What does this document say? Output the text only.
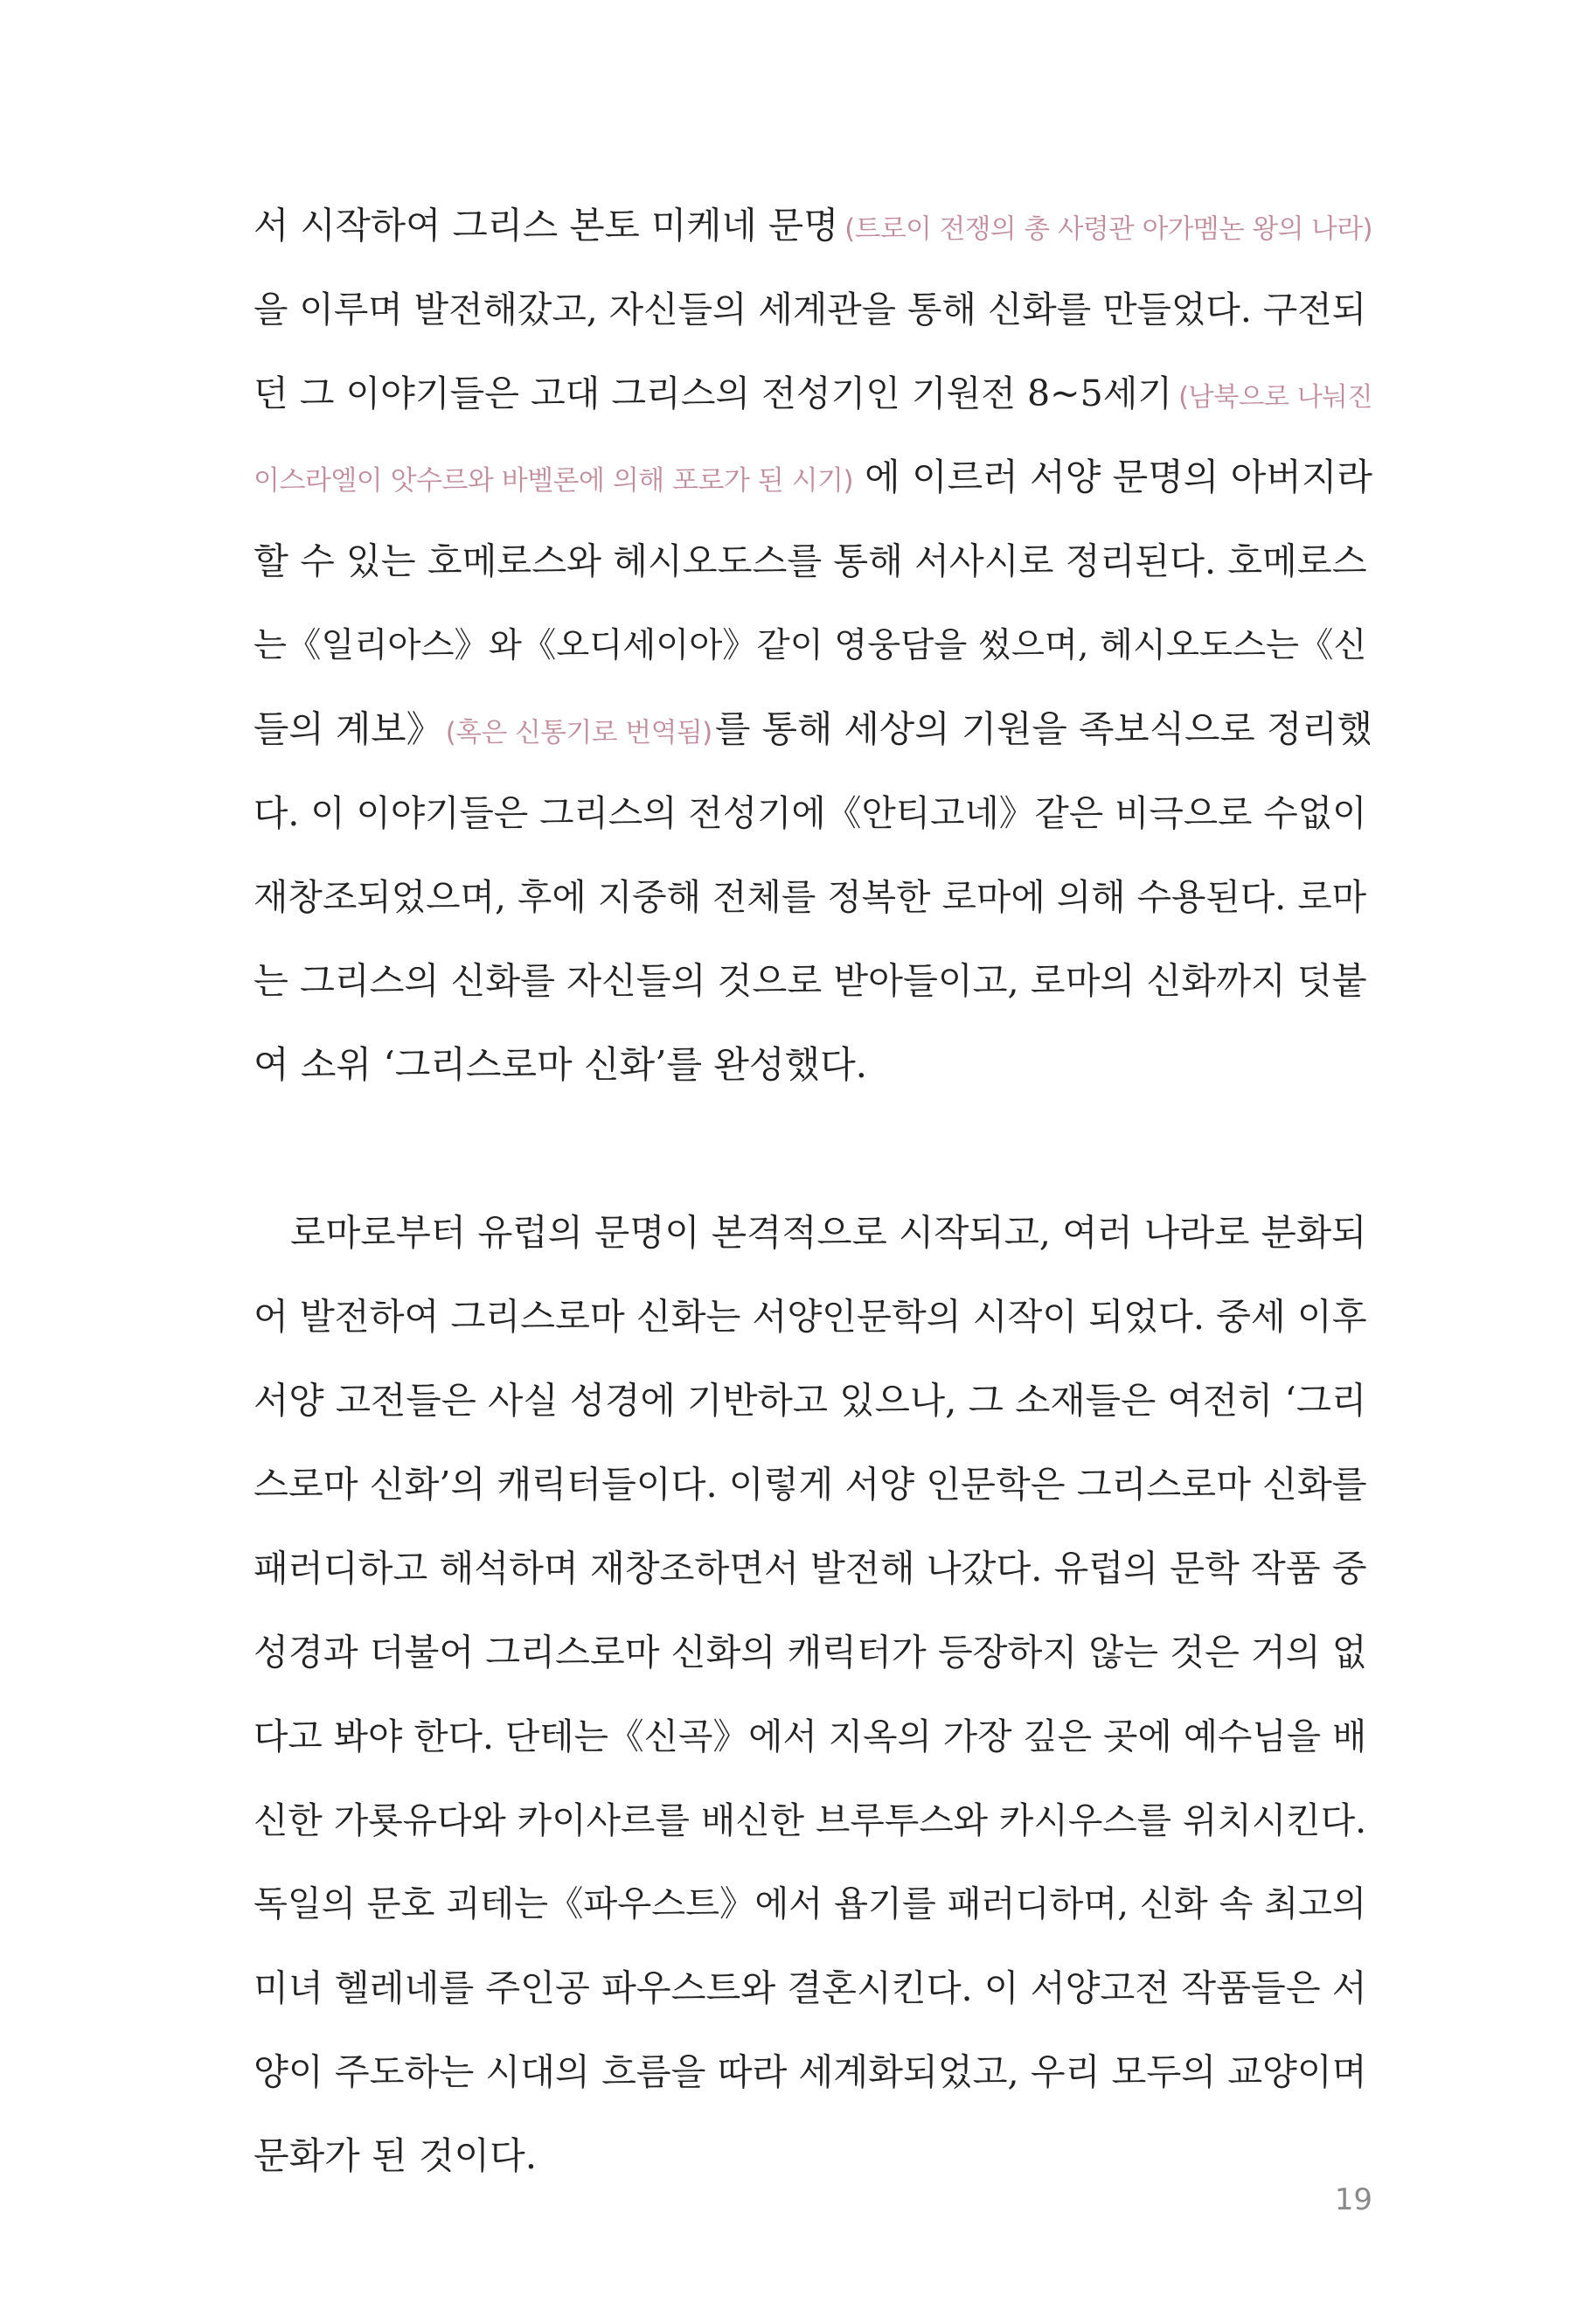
서 시작하여 그리스 본토 미케네 문명 (트로이 전쟁의 총 사령관 아가멤논 왕의 나라)
을 이루며 발전해갔고, 자신들의 세계관을 통해 신화를 만들었다. 구전되
던 그 이야기들은 고대 그리스의 전성기인 기원전 8~5세기 (남북으로 나눠진
이스라엘이 앗수르와 바벨론에 의해 포로가 된 시기) 에 이르러 서양 문명의 아버지라
할 수 있는 호메로스와 헤시오도스를 통해 서사시로 정리된다. 호메로스
는《일리아스》와《오디세이아》같이 영웅담을 썼으며, 헤시오도스는《신
들의 계보》 (혹은 신통기로 번역됨) 를 통해 세상의 기원을 족보식으로 정리했
다. 이 이야기들은 그리스의 전성기에《안티고네》같은 비극으로 수없이
재창조되었으며, 후에 지중해 전체를 정복한 로마에 의해 수용된다. 로마
는 그리스의 신화를 자신들의 것으로 받아들이고, 로마의 신화까지 덧붙
여 소위 ‘그리스로마 신화’를 완성했다.
로마로부터 유럽의 문명이 본격적으로 시작되고, 여러 나라로 분화되
어 발전하여 그리스로마 신화는 서양인문학의 시작이 되었다. 중세 이후
서양 고전들은 사실 성경에 기반하고 있으나, 그 소재들은 여전히 ‘그리
스로마 신화’의 캐릭터들이다. 이렇게 서양 인문학은 그리스로마 신화를
패러디하고 해석하며 재창조하면서 발전해 나갔다. 유럽의 문학 작품 중
성경과 더불어 그리스로마 신화의 캐릭터가 등장하지 않는 것은 거의 없
다고 봐야 한다. 단테는《신곡》에서 지옥의 가장 깊은 곳에 예수님을 배
신한 가룟유다와 카이사르를 배신한 브루투스와 카시우스를 위치시킨다.
독일의 문호 괴테는《파우스트》에서 욥기를 패러디하며, 신화 속 최고의
미녀 헬레네를 주인공 파우스트와 결혼시킨다. 이 서양고전 작품들은 서
양이 주도하는 시대의 흐름을 따라 세계화되었고, 우리 모두의 교양이며
문화가 된 것이다.
19
